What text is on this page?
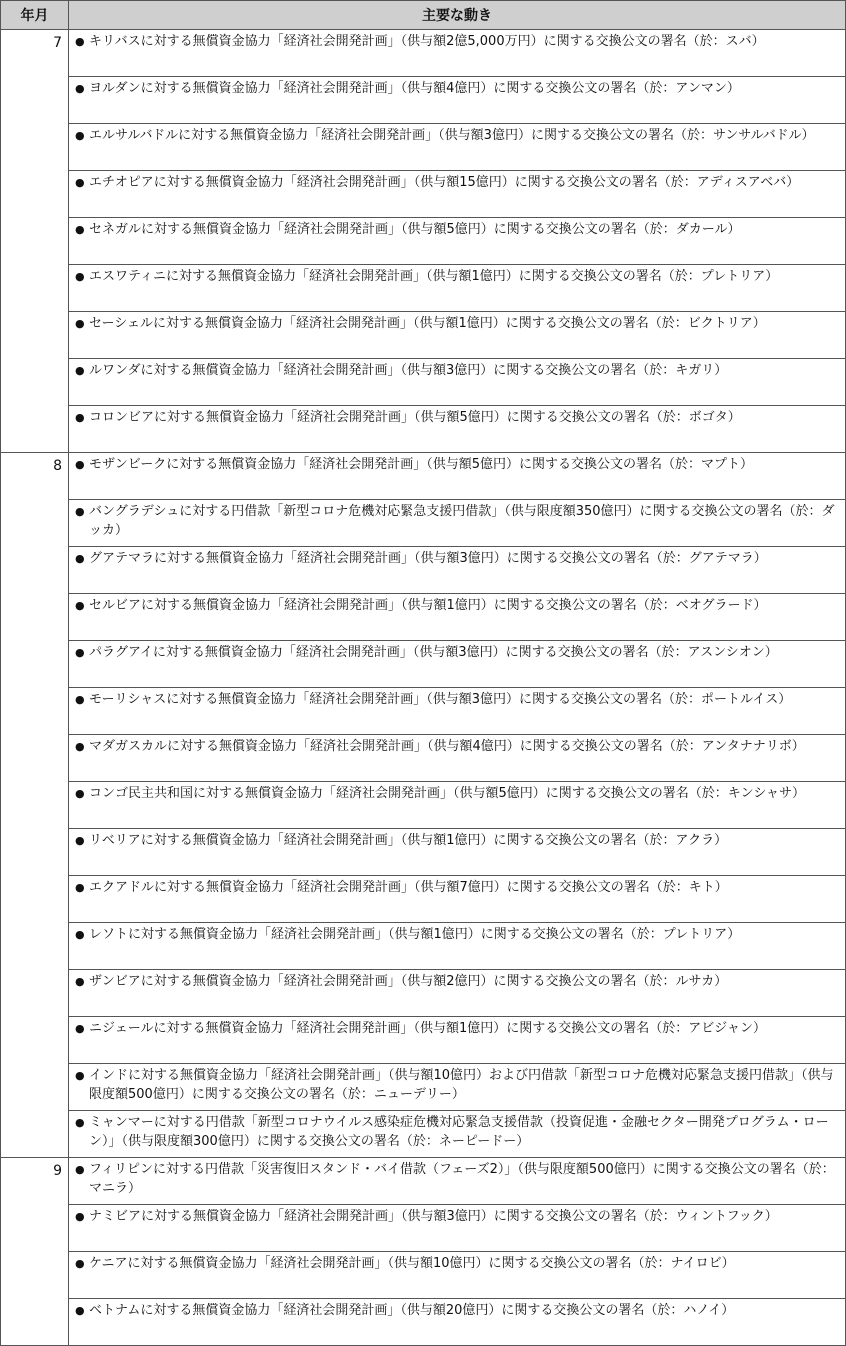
年月	主要な動き
7	● キリバスに対する無償資金協力「経済社会開発計画」（供与額2億5,000万円）に関する交換公文の署名（於：スバ）
	● ヨルダンに対する無償資金協力「経済社会開発計画」（供与額4億円）に関する交換公文の署名（於：アンマン）
	● エルサルバドルに対する無償資金協力「経済社会開発計画」（供与額3億円）に関する交換公文の署名（於：サンサルバドル）
	● エチオピアに対する無償資金協力「経済社会開発計画」（供与額15億円）に関する交換公文の署名（於：アディスアベバ）
	● セネガルに対する無償資金協力「経済社会開発計画」（供与額5億円）に関する交換公文の署名（於：ダカール）
	● エスワティニに対する無償資金協力「経済社会開発計画」（供与額1億円）に関する交換公文の署名（於：プレトリア）
	● セーシェルに対する無償資金協力「経済社会開発計画」（供与額1億円）に関する交換公文の署名（於：ビクトリア）
	● ルワンダに対する無償資金協力「経済社会開発計画」（供与額3億円）に関する交換公文の署名（於：キガリ）
	● コロンビアに対する無償資金協力「経済社会開発計画」（供与額5億円）に関する交換公文の署名（於：ボゴタ）
8	● モザンビークに対する無償資金協力「経済社会開発計画」（供与額5億円）に関する交換公文の署名（於：マプト）
	● バングラデシュに対する円借款「新型コロナ危機対応緊急支援円借款」（供与限度額350億円）に関する交換公文の署名（於：ダッカ）
	● グアテマラに対する無償資金協力「経済社会開発計画」（供与額3億円）に関する交換公文の署名（於：グアテマラ）
	● セルビアに対する無償資金協力「経済社会開発計画」（供与額1億円）に関する交換公文の署名（於：ベオグラード）
	● パラグアイに対する無償資金協力「経済社会開発計画」（供与額3億円）に関する交換公文の署名（於：アスンシオン）
	● モーリシャスに対する無償資金協力「経済社会開発計画」（供与額3億円）に関する交換公文の署名（於：ポートルイス）
	● マダガスカルに対する無償資金協力「経済社会開発計画」（供与額4億円）に関する交換公文の署名（於：アンタナナリボ）
	● コンゴ民主共和国に対する無償資金協力「経済社会開発計画」（供与額5億円）に関する交換公文の署名（於：キンシャサ）
	● リベリアに対する無償資金協力「経済社会開発計画」（供与額1億円）に関する交換公文の署名（於：アクラ）
	● エクアドルに対する無償資金協力「経済社会開発計画」（供与額7億円）に関する交換公文の署名（於：キト）
	● レソトに対する無償資金協力「経済社会開発計画」（供与額1億円）に関する交換公文の署名（於：プレトリア）
	● ザンビアに対する無償資金協力「経済社会開発計画」（供与額2億円）に関する交換公文の署名（於：ルサカ）
	● ニジェールに対する無償資金協力「経済社会開発計画」（供与額1億円）に関する交換公文の署名（於：アビジャン）
	● インドに対する無償資金協力「経済社会開発計画」（供与額10億円）および円借款「新型コロナ危機対応緊急支援円借款」（供与限度額500億円）に関する交換公文の署名（於：ニューデリー）
	● ミャンマーに対する円借款「新型コロナウイルス感染症危機対応緊急支援借款（投資促進・金融セクター開発プログラム・ローン）」（供与限度額300億円）に関する交換公文の署名（於：ネーピードー）
9	● フィリピンに対する円借款「災害復旧スタンド・バイ借款（フェーズ2）」（供与限度額500億円）に関する交換公文の署名（於：マニラ）
	● ナミビアに対する無償資金協力「経済社会開発計画」（供与額3億円）に関する交換公文の署名（於：ウィントフック）
	● ケニアに対する無償資金協力「経済社会開発計画」（供与額10億円）に関する交換公文の署名（於：ナイロビ）
	● ベトナムに対する無償資金協力「経済社会開発計画」（供与額20億円）に関する交換公文の署名（於：ハノイ）
